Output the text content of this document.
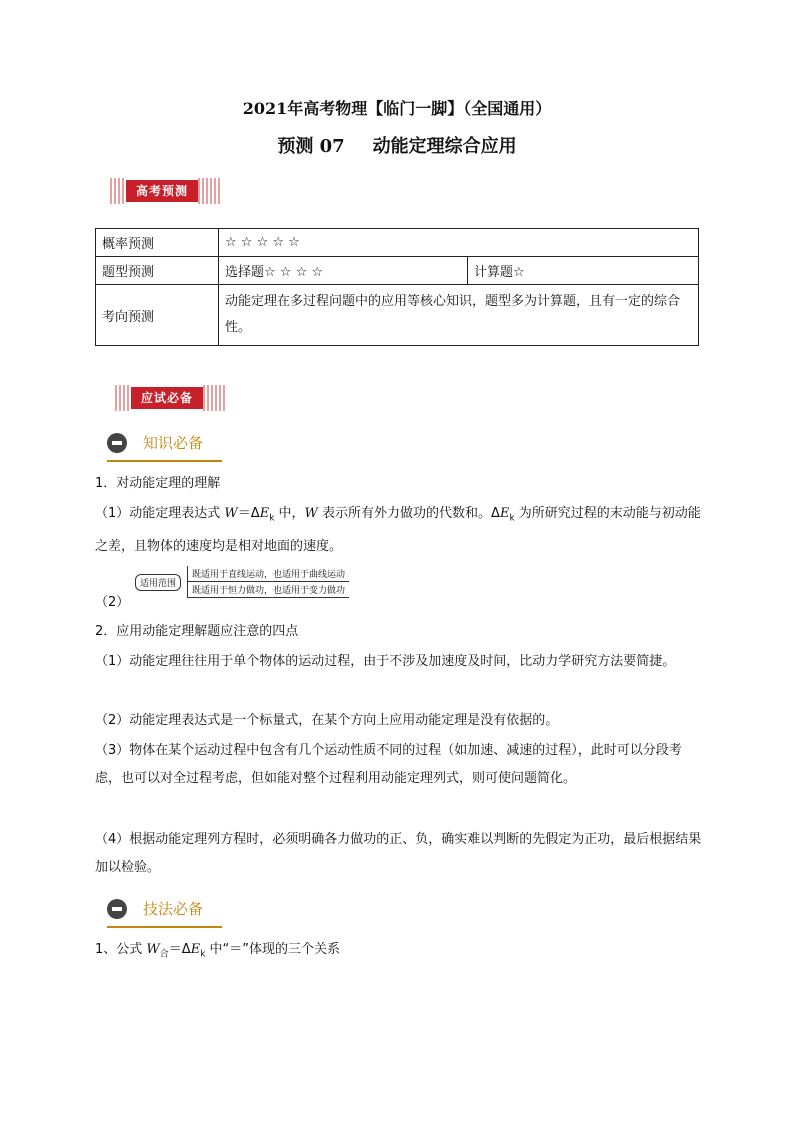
2021年高考物理【临门一脚】（全国通用）
预测 07 动能定理综合应用
高考预测
概率预测	☆ ☆ ☆ ☆ ☆	
题型预测	选择题☆ ☆ ☆ ☆	计算题☆
考向预测	动能定理在多过程问题中的应用等核心知识，题型多为计算题，且有一定的综合性。	
应试必备
知识必备
1．对动能定理的理解
（1）动能定理表达式 $W=\Delta E_k$ 中，W 表示所有外力做功的代数和。$\Delta E_k$ 为所研究过程的末动能与初动能之差，且物体的速度均是相对地面的速度。
（2）
适用范围
既适用于直线运动，也适用于曲线运动
既适用于恒力做功，也适用于变力做功
2．应用动能定理解题应注意的四点
（1）动能定理往往用于单个物体的运动过程，由于不涉及加速度及时间，比动力学研究方法要简捷。
（2）动能定理表达式是一个标量式，在某个方向上应用动能定理是没有依据的。
（3）物体在某个运动过程中包含有几个运动性质不同的过程（如加速、减速的过程），此时可以分段考虑，也可以对全过程考虑，但如能对整个过程利用动能定理列式，则可使问题简化。
（4）根据动能定理列方程时，必须明确各力做功的正、负，确实难以判断的先假定为正功，最后根据结果加以检验。
技法必备
1、公式 $W_合=\Delta E_k$ 中“＝”体现的三个关系
